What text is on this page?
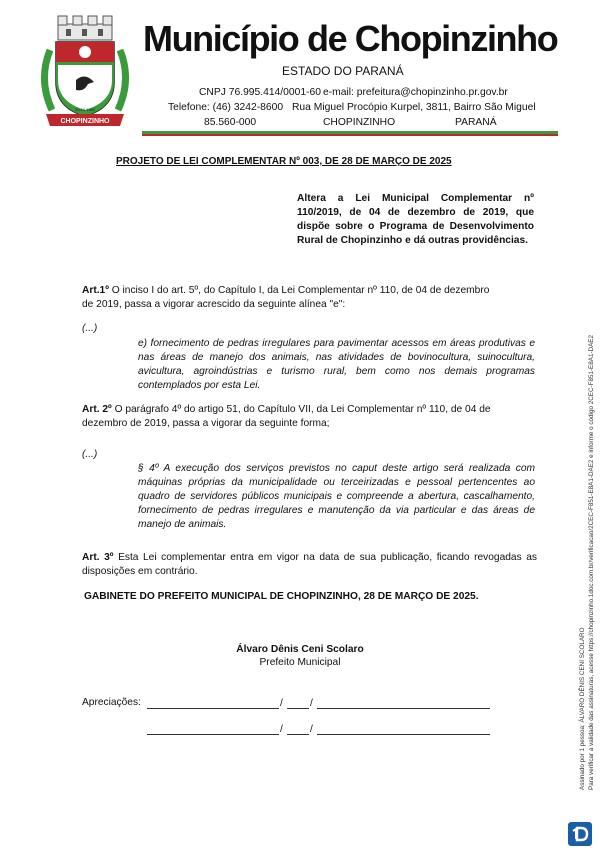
CHOPINZINHO
20.10.1964
Município de Chopinzinho
ESTADO DO PARANÁ
CNPJ 76.995.414/0001-60 e-mail: prefeitura@chopinzinho.pr.gov.br
Telefone: (46) 3242-8600 Rua Miguel Procópio Kurpel, 3811, Bairro São Miguel
85.560-000	CHOPINZINHO	PARANÁ
PROJETO DE LEI COMPLEMENTAR Nº 003, DE 28 DE MARÇO DE 2025
Altera a Lei Municipal Complementar nº 110/2019, de 04 de dezembro de 2019, que dispõe sobre o Programa de Desenvolvimento Rural de Chopinzinho e dá outras providências.
Art.1º O inciso I do art. 5º, do Capítulo I, da Lei Complementar nº 110, de 04 de dezembro de 2019, passa a vigorar acrescido da seguinte alínea "e":
(...)
e) fornecimento de pedras irregulares para pavimentar acessos em áreas produtivas e nas áreas de manejo dos animais, nas atividades de bovinocultura, suinocultura, avicultura, agroindústrias e turismo rural, bem como nos demais programas contemplados por esta Lei.
Art. 2º O parágrafo 4º do artigo 51, do Capítulo VII, da Lei Complementar nº 110, de 04 de dezembro de 2019, passa a vigorar da seguinte forma;
(...)
§ 4º A execução dos serviços previstos no caput deste artigo será realizada com máquinas próprias da municipalidade ou terceirizadas e pessoal pertencentes ao quadro de servidores públicos municipais e compreende a abertura, cascalhamento, fornecimento de pedras irregulares e manutenção da via particular e das áreas de manejo de animais.
Art. 3º Esta Lei complementar entra em vigor na data de sua publicação, ficando revogadas as disposições em contrário.
GABINETE DO PREFEITO MUNICIPAL DE CHOPINZINHO, 28 DE MARÇO DE 2025.
Álvaro Dênis Ceni Scolaro
Prefeito Municipal
Apreciações:	/	/
/	/	Assinado por 1 pessoa: ÁLVARO DÊNIS CENI SCOLARO Para verificar a validade das assinaturas, acesse https://chopinzinho.1doc.com.br/verificacao/2CEC-F851-E8A1-DAE2 e informe o código 2CEC-F851-E8A1-DAE2
